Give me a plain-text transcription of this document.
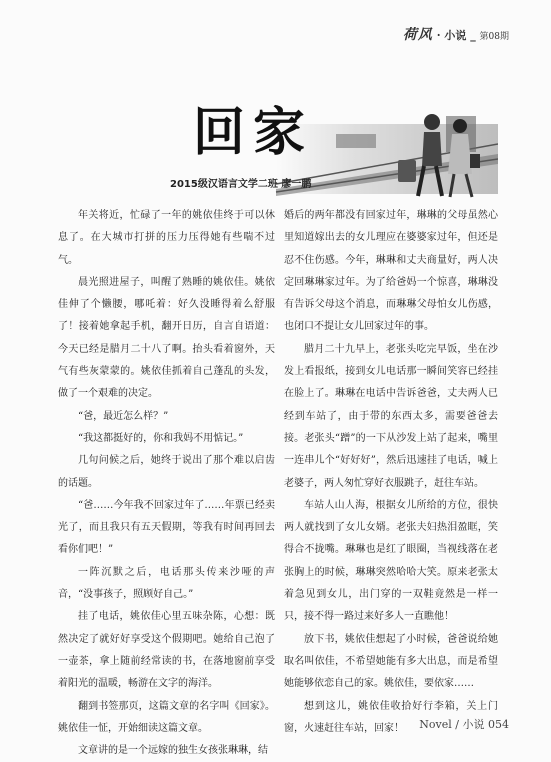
荷风 · 小说 _ 第08期
回家
2015级汉语言文学二班 廖一鹏

年关将近，忙碌了一年的姚依佳终于可以休息了。在大城市打拼的压力压得她有些喘不过气。

晨光照进屋子，叫醒了熟睡的姚依佳。姚依佳伸了个懒腰，哪吒着：好久没睡得着么舒服了！接着她拿起手机，翻开日历，自言自语道：今天已经是腊月二十八了啊。抬头看着窗外，天气有些灰蒙蒙的。姚依佳抓着自己蓬乱的头发，做了一个艰难的决定。

“爸，最近怎么样？”

“我这都挺好的，你和我妈不用惦记。”

几句问候之后，她终于说出了那个难以启齿的话题。

“爸……今年我不回家过年了……年票已经卖光了，而且我只有五天假期，等我有时间再回去看你们吧！”

一阵沉默之后，电话那头传来沙哑的声音，“没事孩子，照顾好自己。”

挂了电话，姚依佳心里五味杂陈，心想：既然决定了就好好享受这个假期吧。她给自己泡了一壶茶，拿上随前经常读的书，在落地窗前享受着阳光的温暖，畅游在文字的海洋。

翻到书签那页，这篇文章的名字叫《回家》。姚依佳一怔，开始细读这篇文章。

文章讲的是一个远嫁的独生女孩张琳琳，结

婚后的两年都没有回家过年，琳琳的父母虽然心里知道嫁出去的女儿理应在婆婆家过年，但还是忍不住伤感。今年，琳琳和丈夫商量好，两人决定回琳琳家过年。为了给爸妈一个惊喜，琳琳没有告诉父母这个消息，而琳琳父母怕女儿伤感，也闭口不提让女儿回家过年的事。

腊月二十九早上，老张头吃完早饭，坐在沙发上看报纸，接到女儿电话那一瞬间笑容已经挂在脸上了。琳琳在电话中告诉爸爸，丈夫两人已经到车站了，由于带的东西太多，需要爸爸去接。老张头“蹭”的一下从沙发上站了起来，嘴里一连串儿个“好好好”，然后迅速挂了电话，喊上老婆子，两人匆忙穿好衣服跳子，赶往车站。

车站人山人海，根据女儿所给的方位，很快两人就找到了女儿女婿。老张夫妇热泪盈眶，笑得合不拢嘴。琳琳也是红了眼圈，当视线落在老张胸上的时候，琳琳突然哈哈大笑。原来老张太着急见到女儿，出门穿的一双鞋竟然是一样一只，接不得一路过来好多人一直瞧他！

放下书，姚依佳想起了小时候，爸爸说给她取名叫依佳，不希望她能有多大出息，而是希望她能够依恋自己的家。姚依佳，要依家……

想到这儿，姚依佳收拾好行李箱，关上门窗，火速赶往车站，回家！	Novel / 小说 054
